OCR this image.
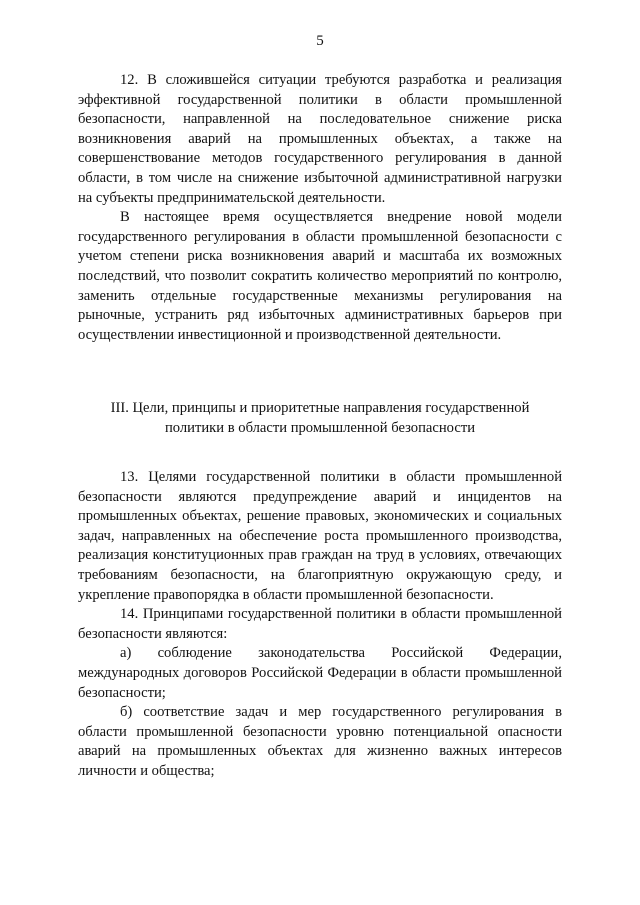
5

12. В сложившейся ситуации требуются разработка и реализация эффективной государственной политики в области промышленной безопасности, направленной на последовательное снижение риска возникновения аварий на промышленных объектах, а также на совершенствование методов государственного регулирования в данной области, в том числе на снижение избыточной административной нагрузки на субъекты предпринимательской деятельности.

В настоящее время осуществляется внедрение новой модели государственного регулирования в области промышленной безопасности с учетом степени риска возникновения аварий и масштаба их возможных последствий, что позволит сократить количество мероприятий по контролю, заменить отдельные государственные механизмы регулирования на рыночные, устранить ряд избыточных административных барьеров при осуществлении инвестиционной и производственной деятельности.

III. Цели, принципы и приоритетные направления государственной
политики в области промышленной безопасности

13. Целями государственной политики в области промышленной безопасности являются предупреждение аварий и инцидентов на промышленных объектах, решение правовых, экономических и социальных задач, направленных на обеспечение роста промышленного производства, реализация конституционных прав граждан на труд в условиях, отвечающих требованиям безопасности, на благоприятную окружающую среду, и укрепление правопорядка в области промышленной безопасности.

14. Принципами государственной политики в области промышленной безопасности являются:

а) соблюдение законодательства Российской Федерации, международных договоров Российской Федерации в области промышленной безопасности;

б) соответствие задач и мер государственного регулирования в области промышленной безопасности уровню потенциальной опасности аварий на промышленных объектах для жизненно важных интересов личности и общества;
